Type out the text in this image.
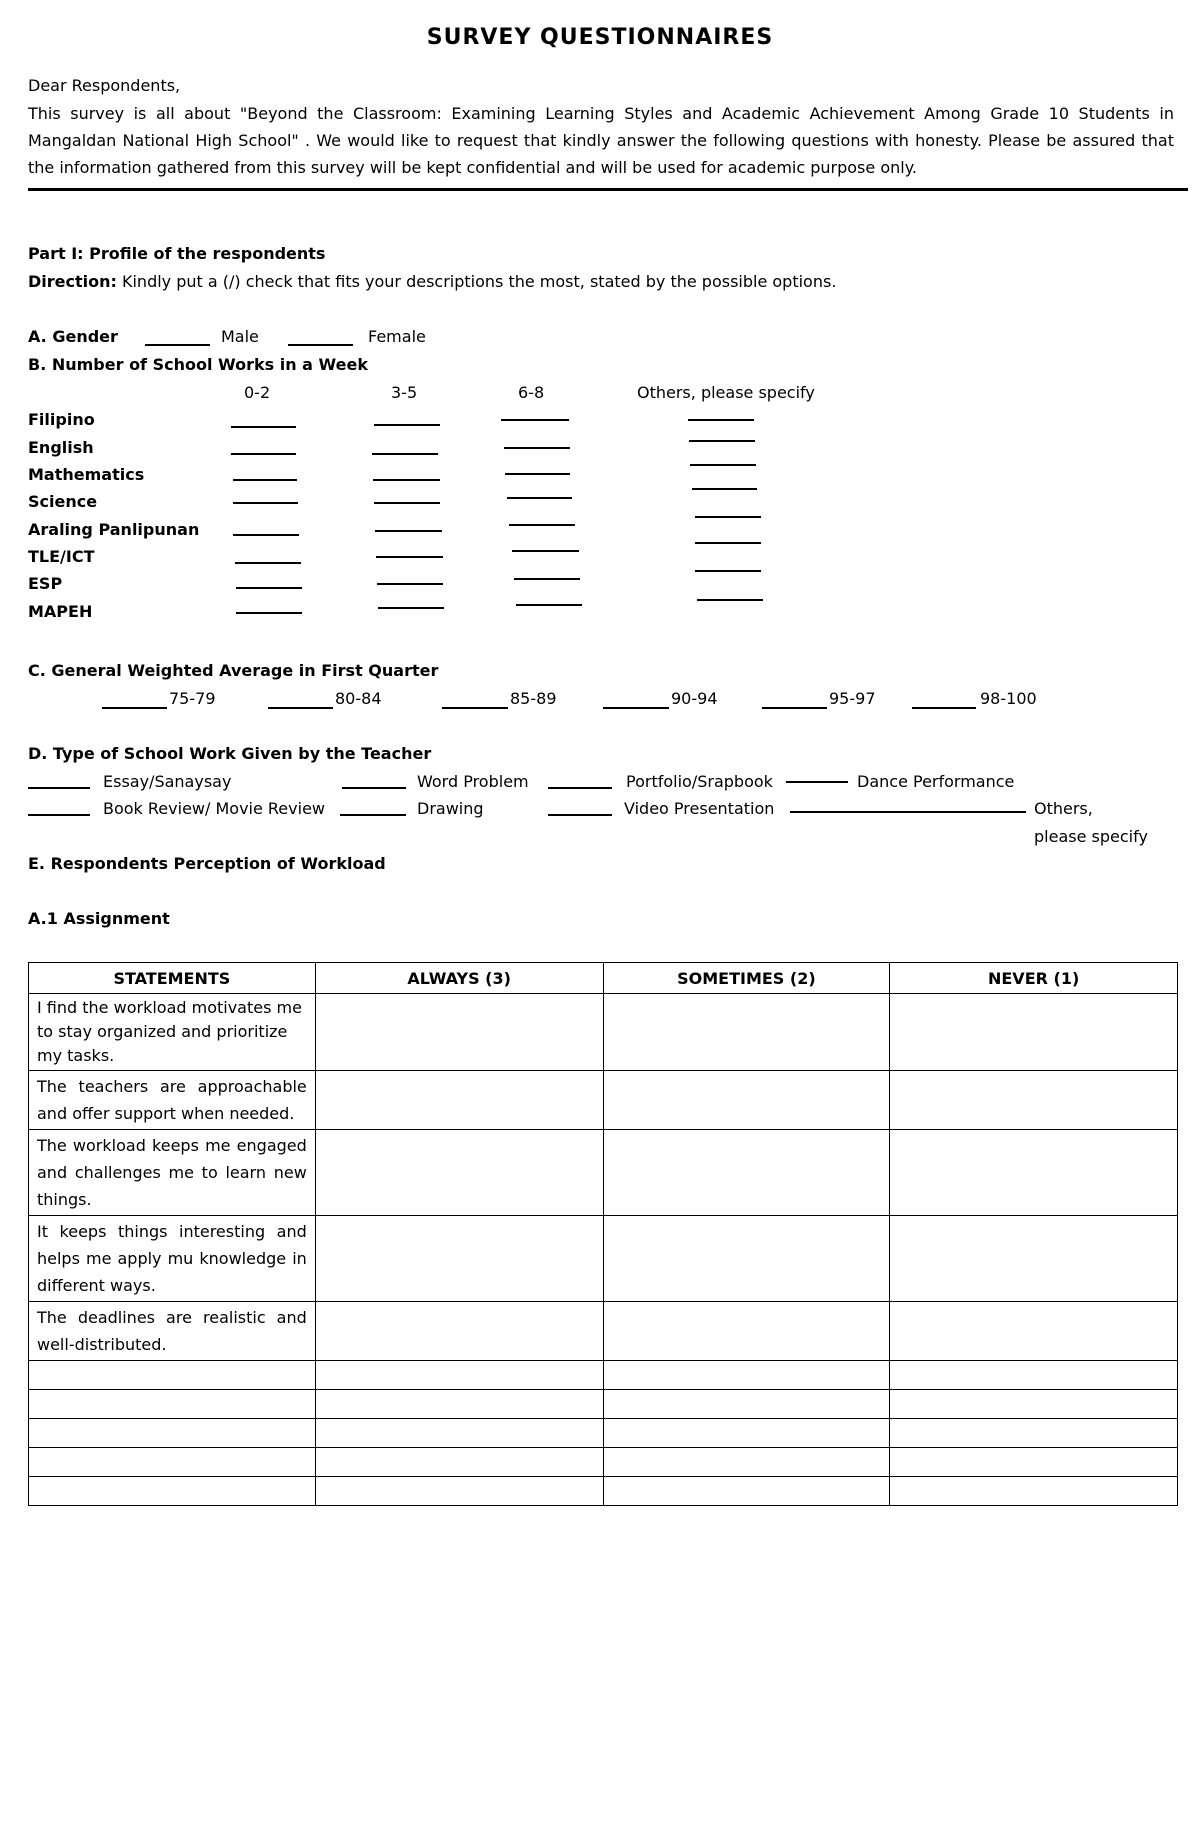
SURVEY QUESTIONNAIRES
Dear Respondents,
This survey is all about "Beyond the Classroom: Examining Learning Styles and Academic Achievement Among Grade 10 Students in Mangaldan National High School" . We would like to request that kindly answer the following questions with honesty. Please be assured that the information gathered from this survey will be kept confidential and will be used for academic purpose only.
Part I: Profile of the respondents
Direction: Kindly put a (/) check that fits your descriptions the most, stated by the possible options.
A. Gender	Male	Female
B. Number of School Works in a Week
0-2	3-5	6-8	Others, please specify
Filipino
English
Mathematics
Science
Araling Panlipunan
TLE/ICT
ESP
MAPEH
C. General Weighted Average in First Quarter
75-79	80-84	85-89	90-94	95-97	98-100
D. Type of School Work Given by the Teacher
Essay/Sanaysay	Word Problem	Portfolio/Srapbook	Dance Performance
Book Review/ Movie Review	Drawing	Video Presentation	Others,
please specify
E. Respondents Perception of Workload
A.1 Assignment
STATEMENTS	ALWAYS (3)	SOMETIMES (2)	NEVER (1)
I find the workload motivates me to stay organized and prioritize my tasks.			
The teachers are approachable and offer support when needed.			
The workload keeps me engaged and challenges me to learn new things.			
It keeps things interesting and helps me apply mu knowledge in different ways.			
The deadlines are realistic and well-distributed.			
